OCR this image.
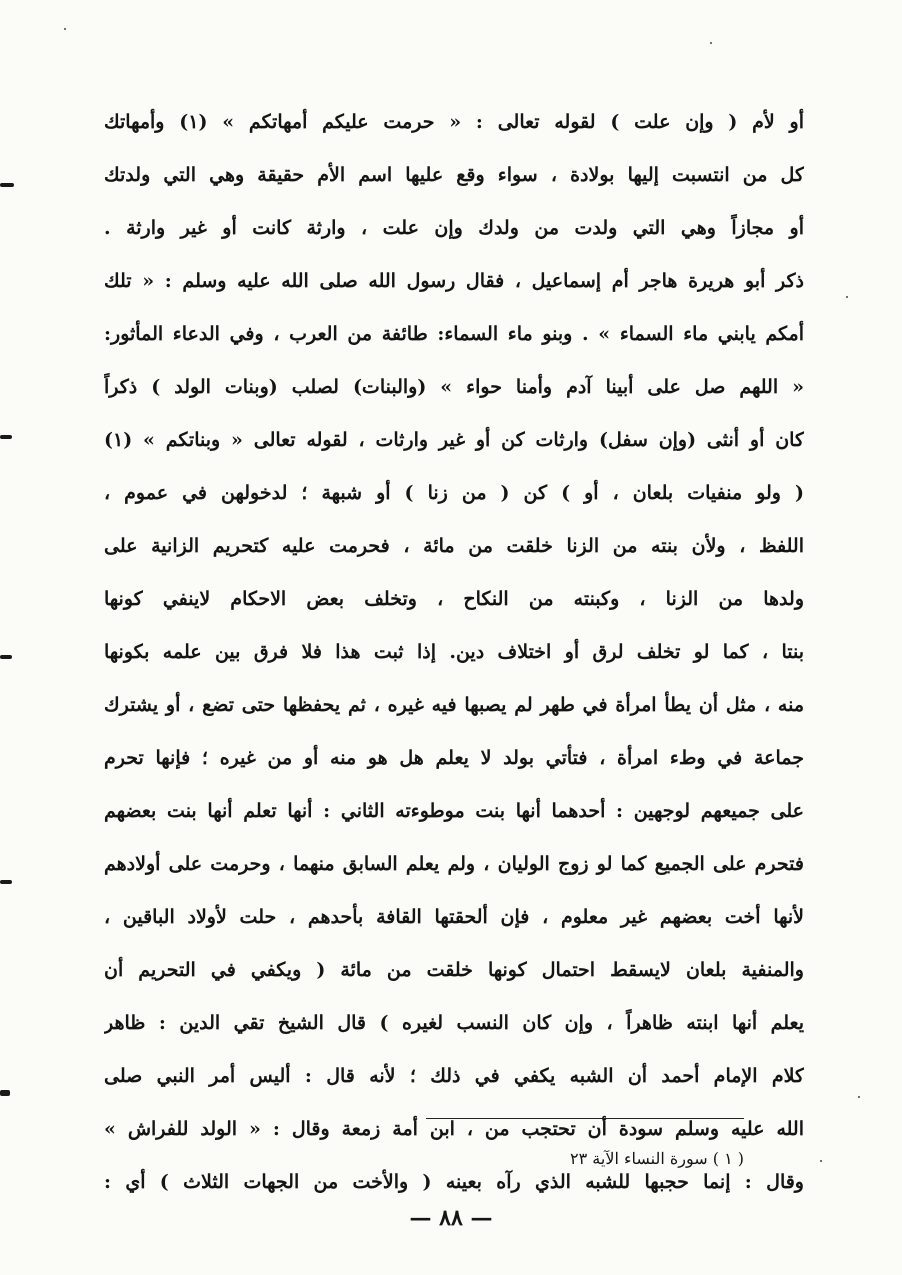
أو لأم ( وإن علت ) لقوله تعالى : « حرمت عليكم أمهاتكم » (١) وأمهاتك
كل من انتسبت إليها بولادة ، سواء وقع عليها اسم الأم حقيقة وهي التي ولدتك
أو مجازاً وهي التي ولدت من ولدك وإن علت ، وارثة كانت أو غير وارثة .
ذكر أبو هريرة هاجر أم إسماعيل ، فقال رسول الله صلى الله عليه وسلم : « تلك
أمكم يابني ماء السماء » . وبنو ماء السماء: طائفة من العرب ، وفي الدعاء المأثور:
« اللهم صل على أبينا آدم وأمنا حواء » (والبنات) لصلب (وبنات الولد ) ذكراً
كان أو أنثى (وإن سفل) وارثات كن أو غير وارثات ، لقوله تعالى « وبناتكم » (١)
( ولو منفيات بلعان ، أو ) كن ( من زنا ) أو شبهة ؛ لدخولهن في عموم ،
اللفظ ، ولأن بنته من الزنا خلقت من مائة ، فحرمت عليه كتحريم الزانية على
ولدها من الزنا ، وكبنته من النكاح ، وتخلف بعض الاحكام لاينفي كونها
بنتا ، كما لو تخلف لرق أو اختلاف دين. إذا ثبت هذا فلا فرق بين علمه بكونها
منه ، مثل أن يطأ امرأة في طهر لم يصبها فيه غيره ، ثم يحفظها حتى تضع ، أو يشترك
جماعة في وطء امرأة ، فتأتي بولد لا يعلم هل هو منه أو من غيره ؛ فإنها تحرم
على جميعهم لوجهين : أحدهما أنها بنت موطوءته الثاني : أنها تعلم أنها بنت بعضهم
فتحرم على الجميع كما لو زوج الوليان ، ولم يعلم السابق منهما ، وحرمت على أولادهم
لأنها أخت بعضهم غير معلوم ، فإن ألحقتها القافة بأحدهم ، حلت لأولاد الباقين ،
والمنفية بلعان لايسقط احتمال كونها خلقت من مائة ( ويكفي في التحريم أن
يعلم أنها ابنته ظاهراً ، وإن كان النسب لغيره ) قال الشيخ تقي الدين : ظاهر
كلام الإمام أحمد أن الشبه يكفي في ذلك ؛ لأنه قال : أليس أمر النبي صلى
الله عليه وسلم سودة أن تحتجب من ، ابن أمة زمعة وقال : « الولد للفراش »
وقال : إنما حجبها للشبه الذي رآه بعينه ( والأخت من الجهات الثلاث ) أي :
( ١ ) سورة النساء الآية ٢٣
— ٨٨ —
